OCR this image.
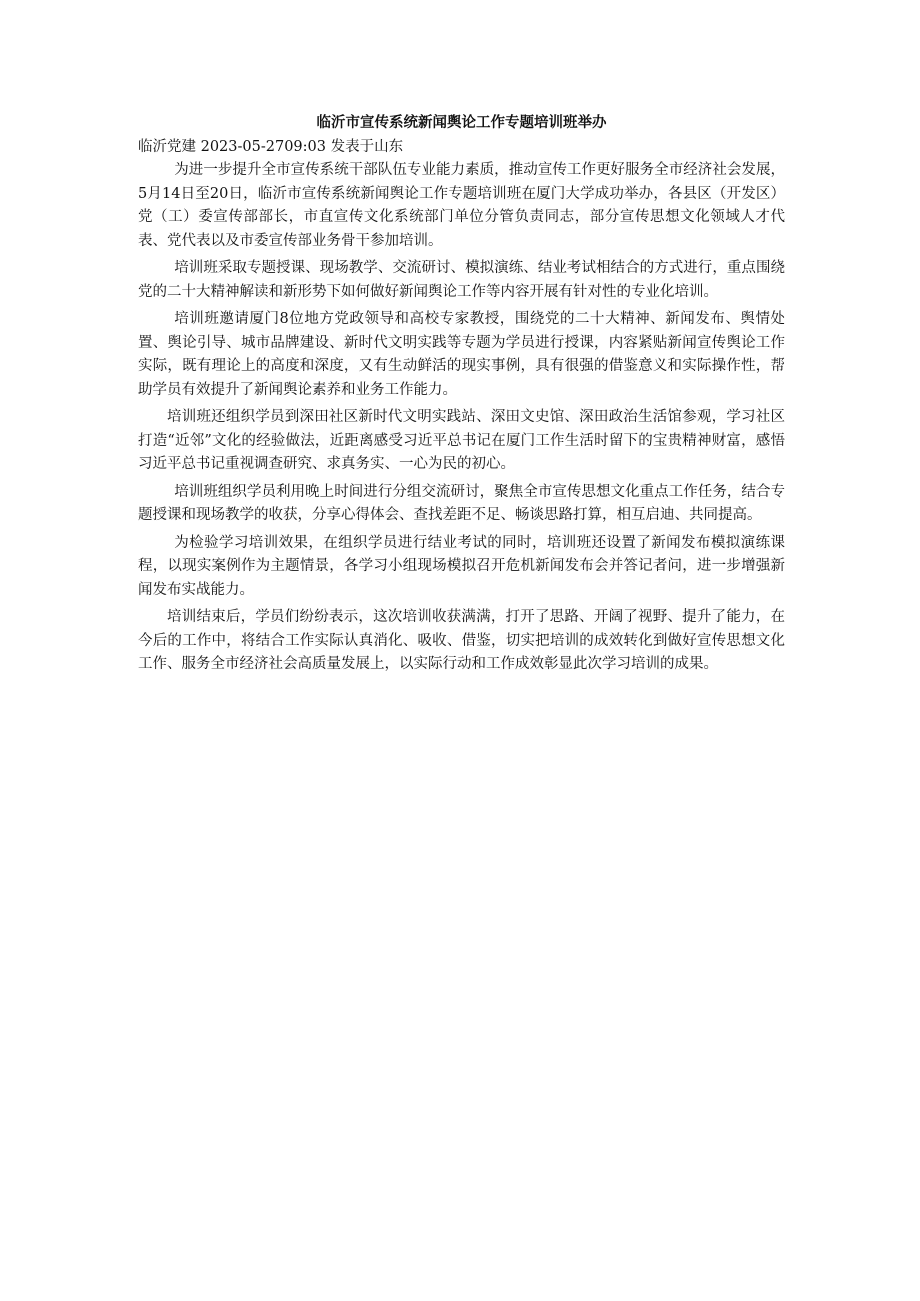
临沂市宣传系统新闻舆论工作专题培训班举办

临沂党建 2023-05-2709:03 发表于山东

为进一步提升全市宣传系统干部队伍专业能力素质，推动宣传工作更好服务全市经济社会发展，5月14日至20日，临沂市宣传系统新闻舆论工作专题培训班在厦门大学成功举办，各县区（开发区）党（工）委宣传部部长，市直宣传文化系统部门单位分管负责同志，部分宣传思想文化领域人才代表、党代表以及市委宣传部业务骨干参加培训。

培训班采取专题授课、现场教学、交流研讨、模拟演练、结业考试相结合的方式进行，重点围绕党的二十大精神解读和新形势下如何做好新闻舆论工作等内容开展有针对性的专业化培训。

培训班邀请厦门8位地方党政领导和高校专家教授，围绕党的二十大精神、新闻发布、舆情处置、舆论引导、城市品牌建设、新时代文明实践等专题为学员进行授课，内容紧贴新闻宣传舆论工作实际，既有理论上的高度和深度，又有生动鲜活的现实事例，具有很强的借鉴意义和实际操作性，帮助学员有效提升了新闻舆论素养和业务工作能力。

培训班还组织学员到深田社区新时代文明实践站、深田文史馆、深田政治生活馆参观，学习社区打造“近邻”文化的经验做法，近距离感受习近平总书记在厦门工作生活时留下的宝贵精神财富，感悟习近平总书记重视调查研究、求真务实、一心为民的初心。

培训班组织学员利用晚上时间进行分组交流研讨，聚焦全市宣传思想文化重点工作任务，结合专题授课和现场教学的收获，分享心得体会、查找差距不足、畅谈思路打算，相互启迪、共同提高。

为检验学习培训效果，在组织学员进行结业考试的同时，培训班还设置了新闻发布模拟演练课程，以现实案例作为主题情景，各学习小组现场模拟召开危机新闻发布会并答记者问，进一步增强新闻发布实战能力。

培训结束后，学员们纷纷表示，这次培训收获满满，打开了思路、开阔了视野、提升了能力，在今后的工作中，将结合工作实际认真消化、吸收、借鉴，切实把培训的成效转化到做好宣传思想文化工作、服务全市经济社会高质量发展上，以实际行动和工作成效彰显此次学习培训的成果。
